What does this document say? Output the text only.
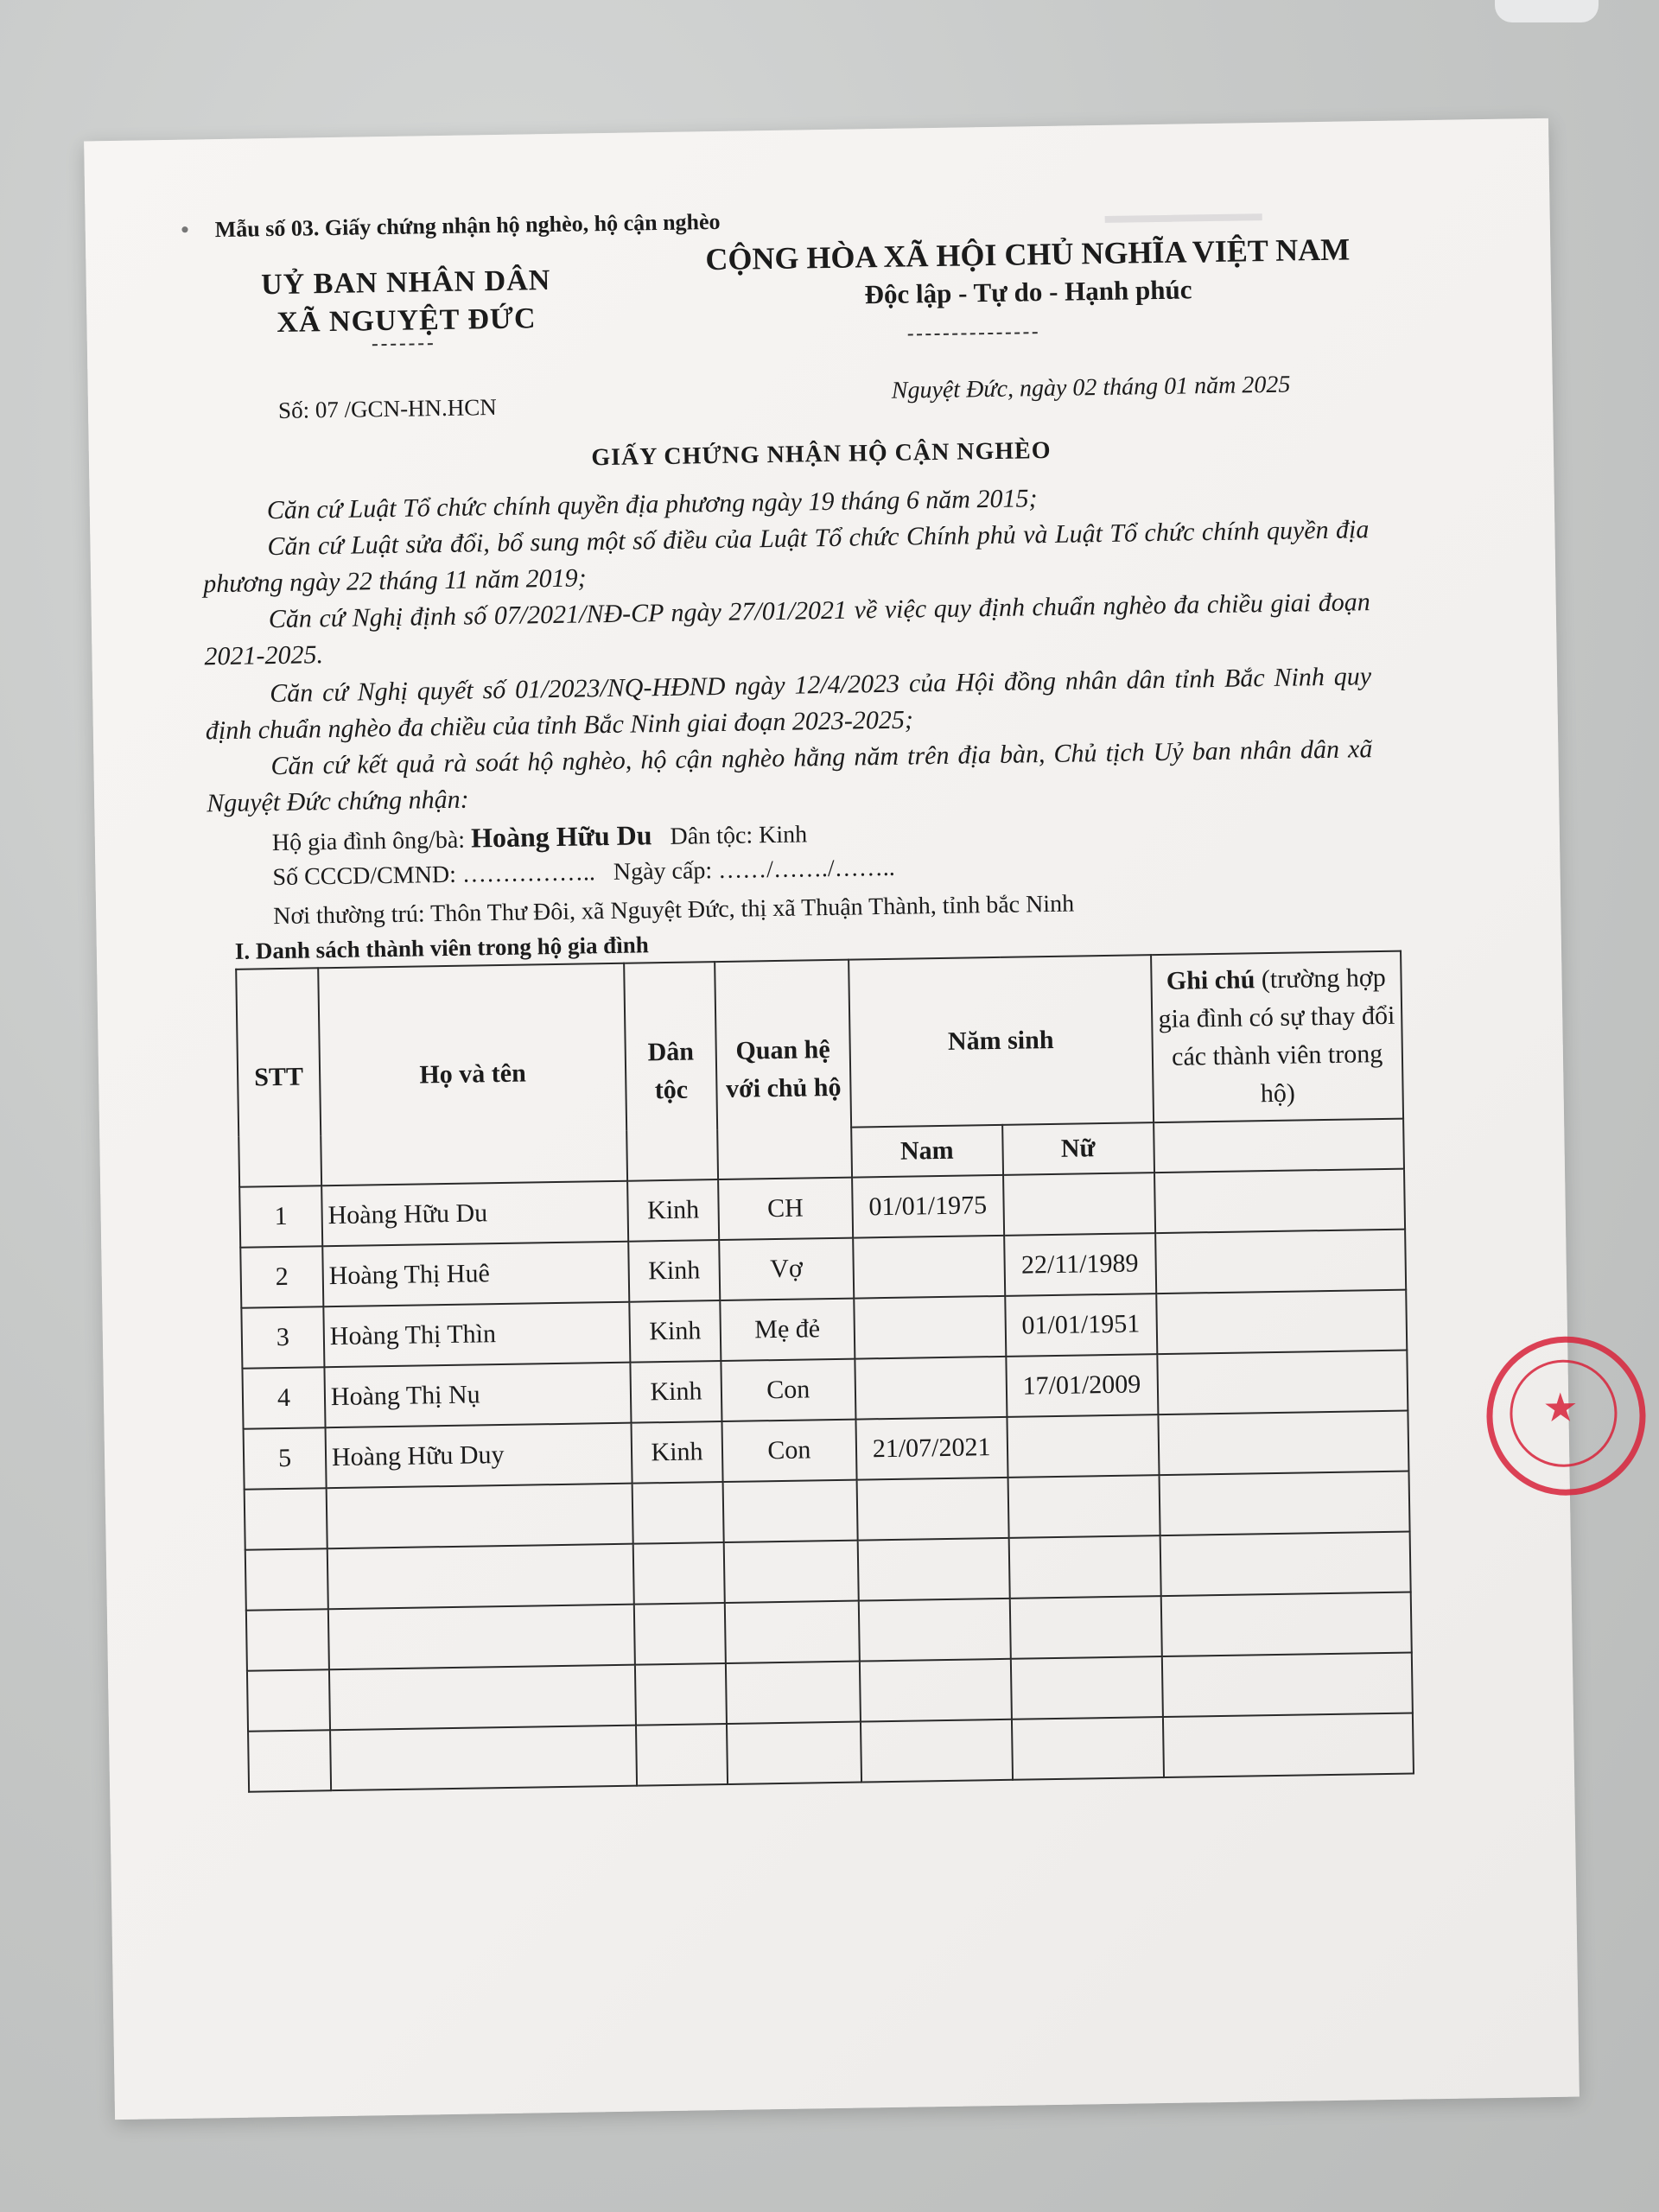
▬▬▬▬▬▬▬
• Mẫu số 03. Giấy chứng nhận hộ nghèo, hộ cận nghèo
UỶ BAN NHÂN DÂN
XÃ NGUYỆT ĐỨC
CỘNG HÒA XÃ HỘI CHỦ NGHĨA VIỆT NAM
Độc lập - Tự do - Hạnh phúc
Số: 07 /GCN-HN.HCN
Nguyệt Đức, ngày 02 tháng 01 năm 2025
GIẤY CHỨNG NHẬN HỘ CẬN NGHÈO
Căn cứ Luật Tổ chức chính quyền địa phương ngày 19 tháng 6 năm 2015;
Căn cứ Luật sửa đổi, bổ sung một số điều của Luật Tổ chức Chính phủ và Luật Tổ chức chính quyền địa phương ngày 22 tháng 11 năm 2019;
Căn cứ Nghị định số 07/2021/NĐ-CP ngày 27/01/2021 về việc quy định chuẩn nghèo đa chiều giai đoạn 2021-2025.
Căn cứ Nghị quyết số 01/2023/NQ-HĐND ngày 12/4/2023 của Hội đồng nhân dân tỉnh Bắc Ninh quy định chuẩn nghèo đa chiều của tỉnh Bắc Ninh giai đoạn 2023-2025;
Căn cứ kết quả rà soát hộ nghèo, hộ cận nghèo hằng năm trên địa bàn, Chủ tịch Uỷ ban nhân dân xã Nguyệt Đức chứng nhận:
Hộ gia đình ông/bà: Hoàng Hữu Du Dân tộc: Kinh
Số CCCD/CMND: …………….. Ngày cấp: ……/……./……..
Nơi thường trú: Thôn Thư Đôi, xã Nguyệt Đức, thị xã Thuận Thành, tỉnh bắc Ninh
I. Danh sách thành viên trong hộ gia đình
STT	Họ và tên	Dân tộc	Quan hệ với chủ hộ	Năm sinh		Ghi chú (trường hợp gia đình có sự thay đổi các thành viên trong hộ)
				Nam	Nữ	
1	Hoàng Hữu Du	Kinh	CH	01/01/1975		
2	Hoàng Thị Huê	Kinh	Vợ		22/11/1989	
3	Hoàng Thị Thìn	Kinh	Mẹ đẻ		01/01/1951	
4	Hoàng Thị Nụ	Kinh	Con		17/01/2009	
5	Hoàng Hữu Duy	Kinh	Con	21/07/2021		

★
